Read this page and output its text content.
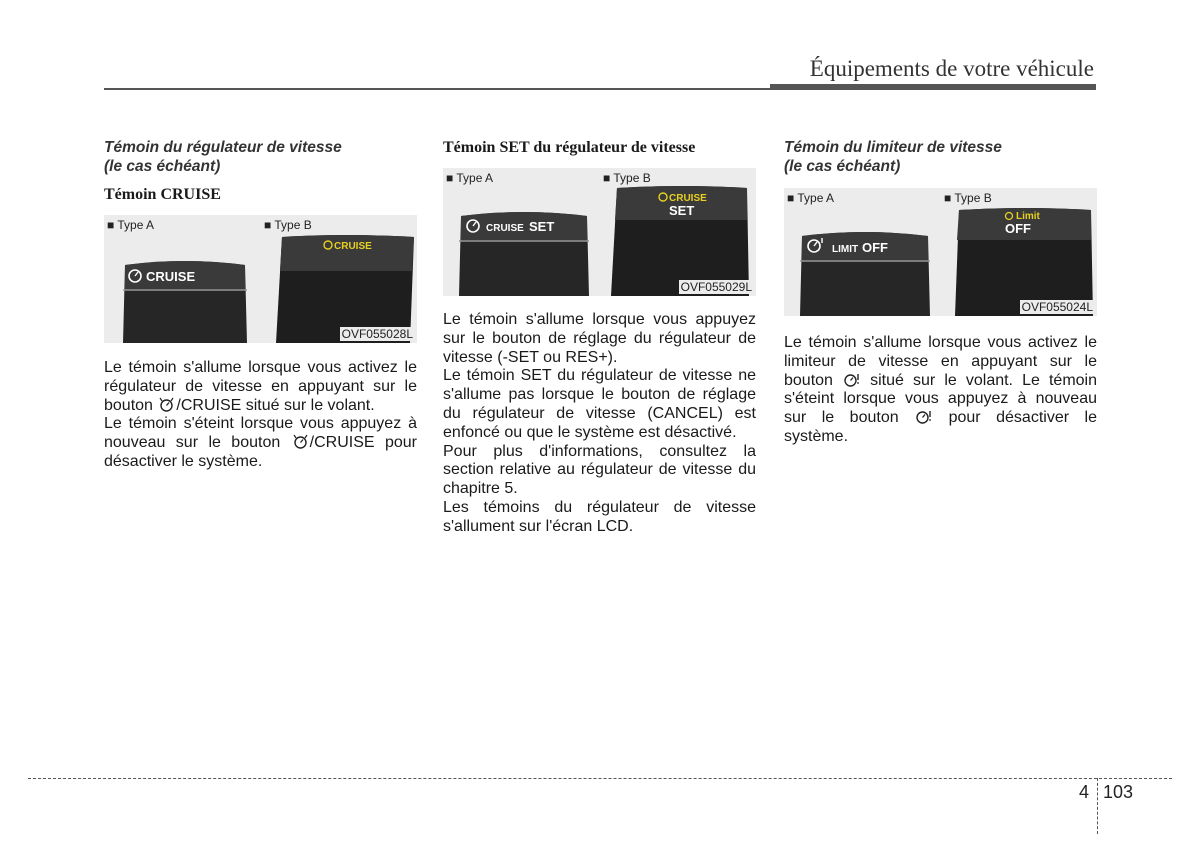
Équipements de votre véhicule
Témoin du régulateur de vitesse
(le cas échéant)
Témoin CRUISE
■ Type A
CRUISE
■ Type B
CRUISE
OVF055028L

Le témoin s'allume lorsque vous activez le régulateur de vitesse en appuyant sur le bouton /CRUISE situé sur le volant.

Le témoin s'éteint lorsque vous appuyez à nouveau sur le bouton /CRUISE pour désactiver le système.

Témoin SET du régulateur de vitesse
■ Type A
CRUISE SET
■ Type B
CRUISE
SET
OVF055029L

Le témoin s'allume lorsque vous appuyez sur le bouton de réglage du régulateur de vitesse (-SET ou RES+).

Le témoin SET du régulateur de vitesse ne s'allume pas lorsque le bouton de réglage du régulateur de vitesse (CANCEL) est enfoncé ou que le système est désactivé.

Pour plus d'informations, consultez la section relative au régulateur de vitesse du chapitre 5.

Les témoins du régulateur de vitesse s'allument sur l'écran LCD.

Témoin du limiteur de vitesse
(le cas échéant)
■ Type A
LIMIT OFF
■ Type B
Limit
OFF
OVF055024L

Le témoin s'allume lorsque vous activez le limiteur de vitesse en appuyant sur le bouton  situé sur le volant. Le témoin s'éteint lorsque vous appuyez à nouveau sur le bouton  pour désactiver le système.

4 103
